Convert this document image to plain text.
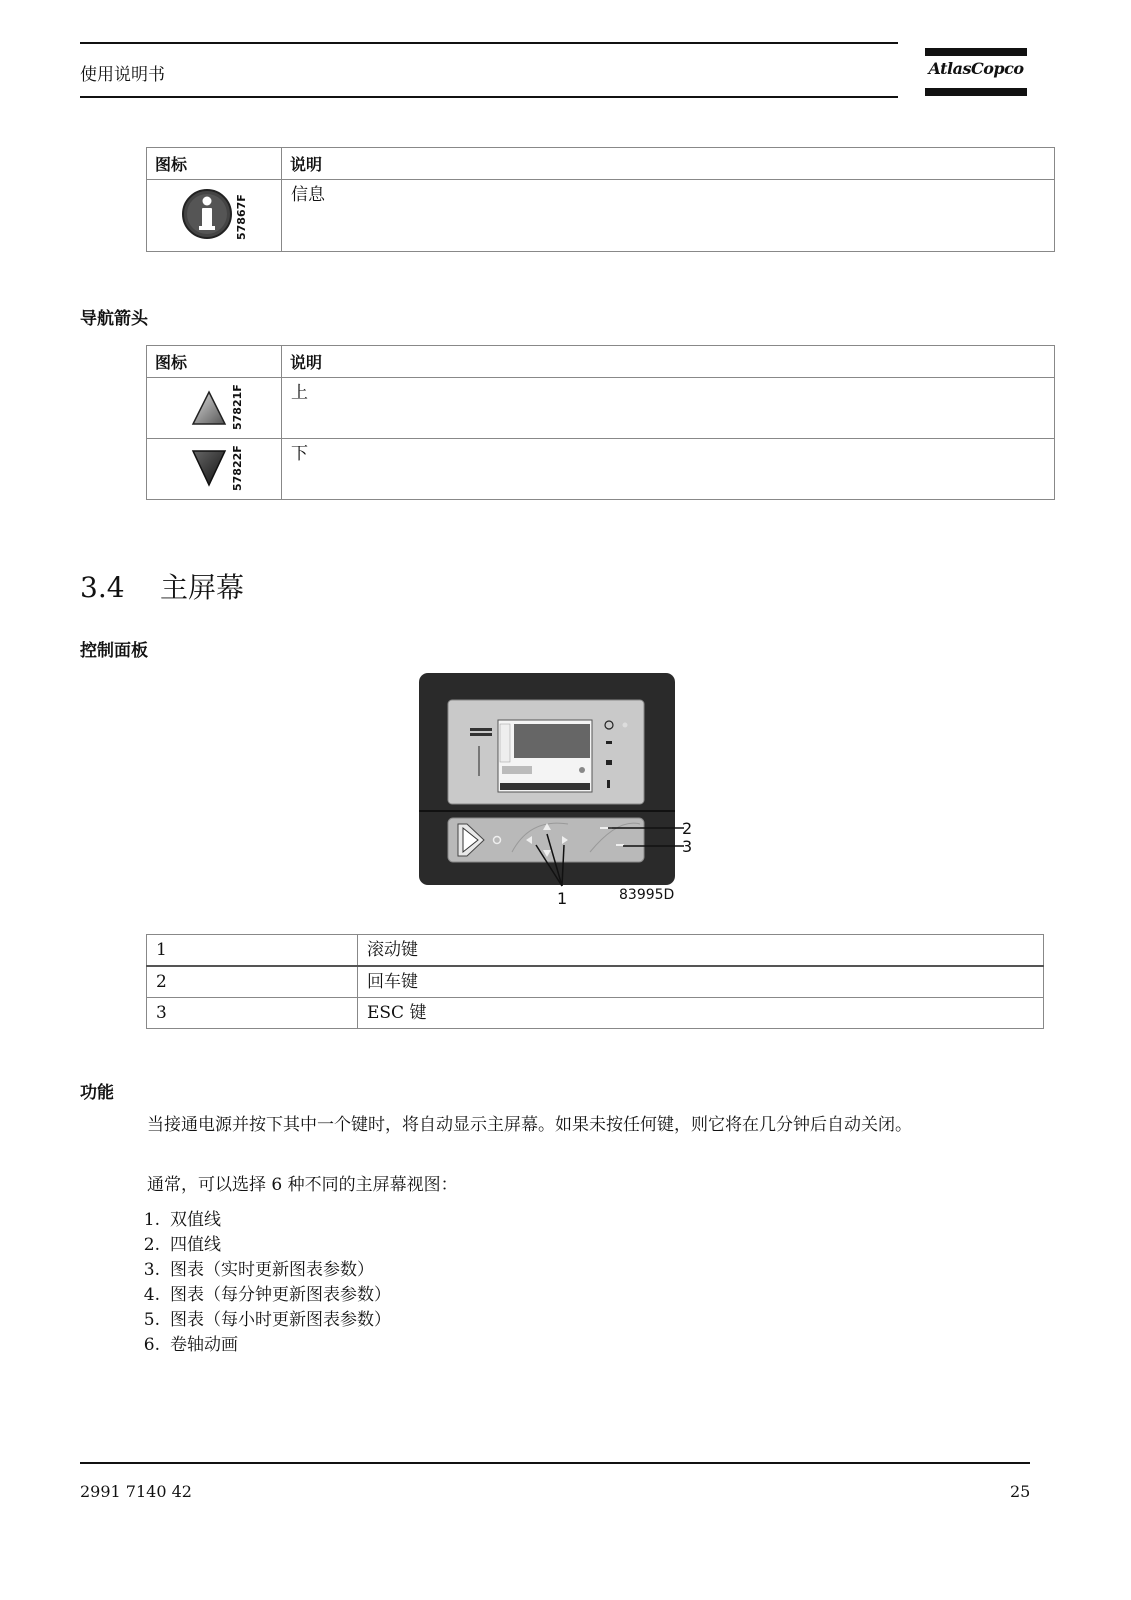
使用说明书	AtlasCopco
图标	说明

57867F	信息
导航箭头
图标	说明

57821F	上

57822F	下
3.4 主屏幕
控制面板
2
3
1	83995D
1	滚动键
2	回车键
3	ESC 键
功能
当接通电源并按下其中一个键时，将自动显示主屏幕。如果未按任何键，则它将在几分钟后自动关闭。
通常，可以选择 6 种不同的主屏幕视图：
1. 双值线
2. 四值线
3. 图表（实时更新图表参数）
4. 图表（每分钟更新图表参数）
5. 图表（每小时更新图表参数）
6. 卷轴动画
2991 7140 42	25
